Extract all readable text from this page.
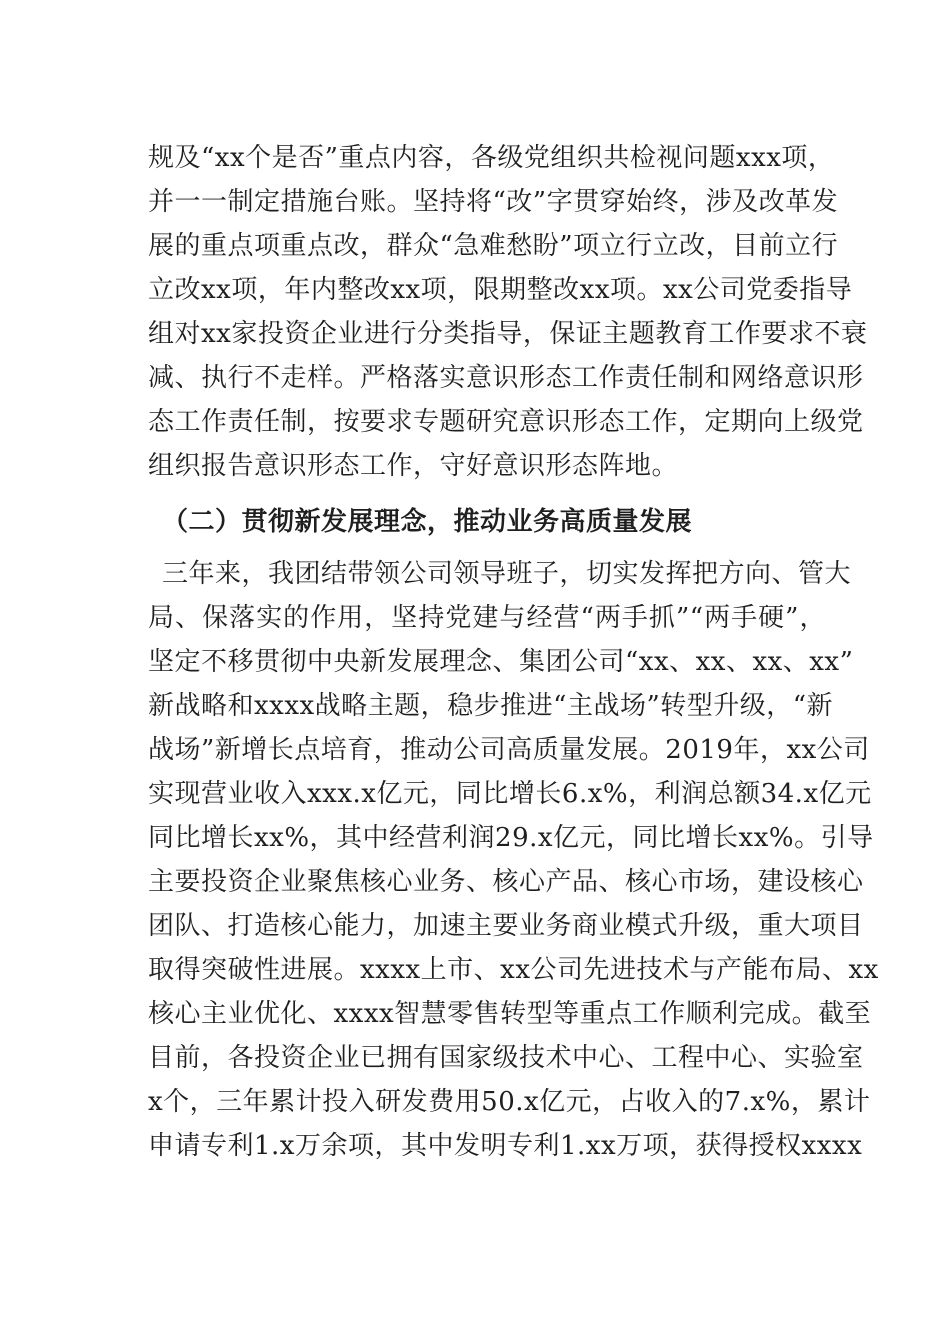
规及“xx个是否”重点内容，各级党组织共检视问题xxx项，
并一一制定措施台账。坚持将“改”字贯穿始终，涉及改革发
展的重点项重点改，群众“急难愁盼”项立行立改，目前立行
立改xx项，年内整改xx项，限期整改xx项。xx公司党委指导
组对xx家投资企业进行分类指导，保证主题教育工作要求不衰
减、执行不走样。严格落实意识形态工作责任制和网络意识形
态工作责任制，按要求专题研究意识形态工作，定期向上级党
组织报告意识形态工作，守好意识形态阵地。
（二）贯彻新发展理念，推动业务高质量发展
三年来，我团结带领公司领导班子，切实发挥把方向、管大
局、保落实的作用，坚持党建与经营“两手抓”“两手硬”，
坚定不移贯彻中央新发展理念、集团公司“xx、xx、xx、xx”
新战略和xxxx战略主题，稳步推进“主战场”转型升级，“新
战场”新增长点培育，推动公司高质量发展。2019年，xx公司
实现营业收入xxx.x亿元，同比增长6.x%，利润总额34.x亿元
同比增长xx%，其中经营利润29.x亿元，同比增长xx%。引导
主要投资企业聚焦核心业务、核心产品、核心市场，建设核心
团队、打造核心能力，加速主要业务商业模式升级，重大项目
取得突破性进展。xxxx上市、xx公司先进技术与产能布局、xx
核心主业优化、xxxx智慧零售转型等重点工作顺利完成。截至
目前，各投资企业已拥有国家级技术中心、工程中心、实验室
x个，三年累计投入研发费用50.x亿元，占收入的7.x%，累计
申请专利1.x万余项，其中发明专利1.xx万项，获得授权xxxx
